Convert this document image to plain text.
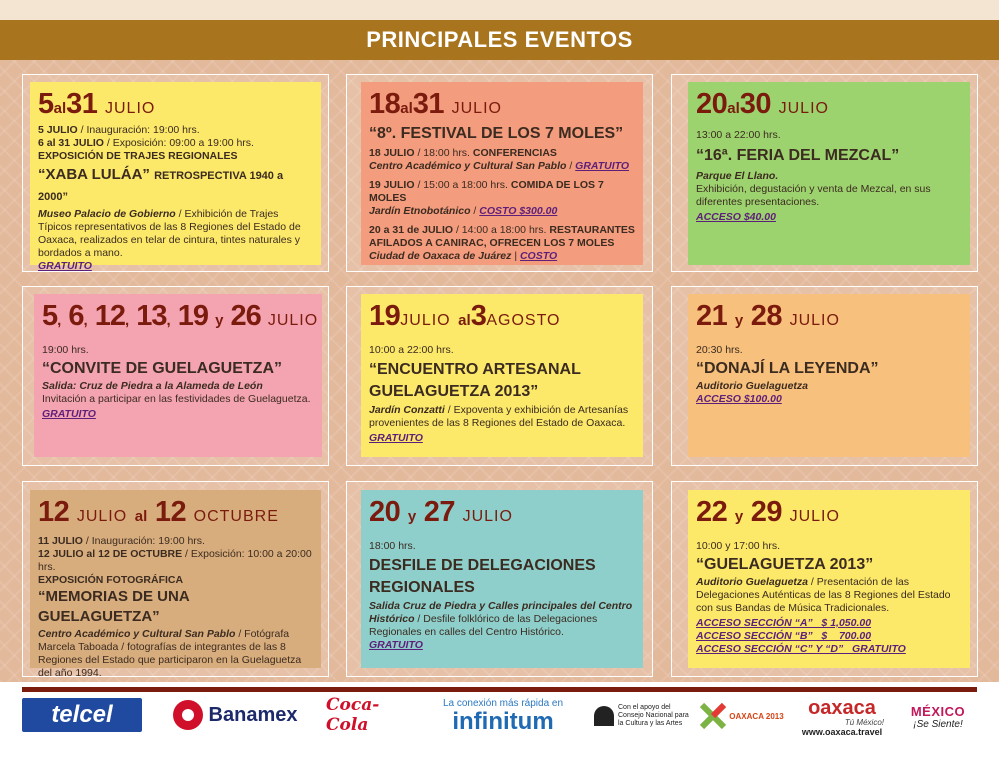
PRINCIPALES EVENTOS
5al31 JULIO
5 JULIO / Inauguración: 19:00 hrs.
6 al 31 JULIO / Exposición: 09:00 a 19:00 hrs.
EXPOSICIÓN DE TRAJES REGIONALES
“XABA LULÁA” RETROSPECTIVA 1940 a 2000”
Museo Palacio de Gobierno / Exhibición de Trajes Típicos representativos de las 8 Regiones del Estado de Oaxaca, realizados en telar de cintura, tintes naturales y bordados a mano.
GRATUITO
18al31 JULIO
“8º. FESTIVAL DE LOS 7 MOLES”
18 JULIO / 18:00 hrs. CONFERENCIAS
Centro Académico y Cultural San Pablo / GRATUITO
19 JULIO / 15:00 a 18:00 hrs. COMIDA DE LOS 7 MOLES
Jardín Etnobotánico / COSTO $300.00
20 a 31 de JULIO / 14:00 a 18:00 hrs. RESTAURANTES AFILADOS A CANIRAC, OFRECEN LOS 7 MOLES
Ciudad de Oaxaca de Juárez | COSTO
20al30 JULIO
13:00 a 22:00 hrs.
“16ª. FERIA DEL MEZCAL”
Parque El Llano.
Exhibición, degustación y venta de Mezcal, en sus diferentes presentaciones.
ACCESO $40.00
5, 6, 12, 13, 19 y 26 JULIO
19:00 hrs.
“CONVITE DE GUELAGUETZA”
Salida: Cruz de Piedra a la Alameda de León
Invitación a participar en las festividades de Guelaguetza.
GRATUITO
19JULIO al3AGOSTO
10:00 a 22:00 hrs.
“ENCUENTRO ARTESANAL GUELAGUETZA 2013”
Jardín Conzatti / Expoventa y exhibición de Artesanías provenientes de las 8 Regiones del Estado de Oaxaca.
GRATUITO
21 y 28 JULIO
20:30 hrs.
“DONAJÍ LA LEYENDA”
Auditorio Guelaguetza
ACCESO $100.00
12 JULIO al 12 OCTUBRE
11 JULIO / Inauguración: 19:00 hrs.
12 JULIO al 12 DE OCTUBRE / Exposición: 10:00 a 20:00 hrs.
EXPOSICIÓN FOTOGRÁFICA
“MEMORIAS DE UNA GUELAGUETZA”
Centro Académico y Cultural San Pablo / Fotógrafa Marcela Taboada / fotografías de integrantes de las 8 Regiones del Estado que participaron en la Guelaguetza del año 1994.
20 y 27 JULIO
18:00 hrs.
DESFILE DE DELEGACIONES REGIONALES
Salida Cruz de Piedra y Calles principales del Centro Histórico / Desfile folklórico de las Delegaciones Regionales en calles del Centro Histórico.
GRATUITO
22 y 29 JULIO
10:00 y 17:00 hrs.
“GUELAGUETZA 2013”
Auditorio Guelaguetza / Presentación de las Delegaciones Auténticas de las 8 Regiones del Estado con sus Bandas de Música Tradicionales.
ACCESO SECCIÓN “A”   $ 1,050.00
ACCESO SECCIÓN “B”   $    700.00
ACCESO SECCIÓN “C” Y “D”   GRATUITO
telcel	Banamex Coca-Cola
La conexión más rápida en
infinitum	Con el apoyo del Consejo Nacional para la Cultura y las Artes
OAXACA 2013 oaxaca
Tú México!
www.oaxaca.travel
MÉXICO
¡Se Siente!
